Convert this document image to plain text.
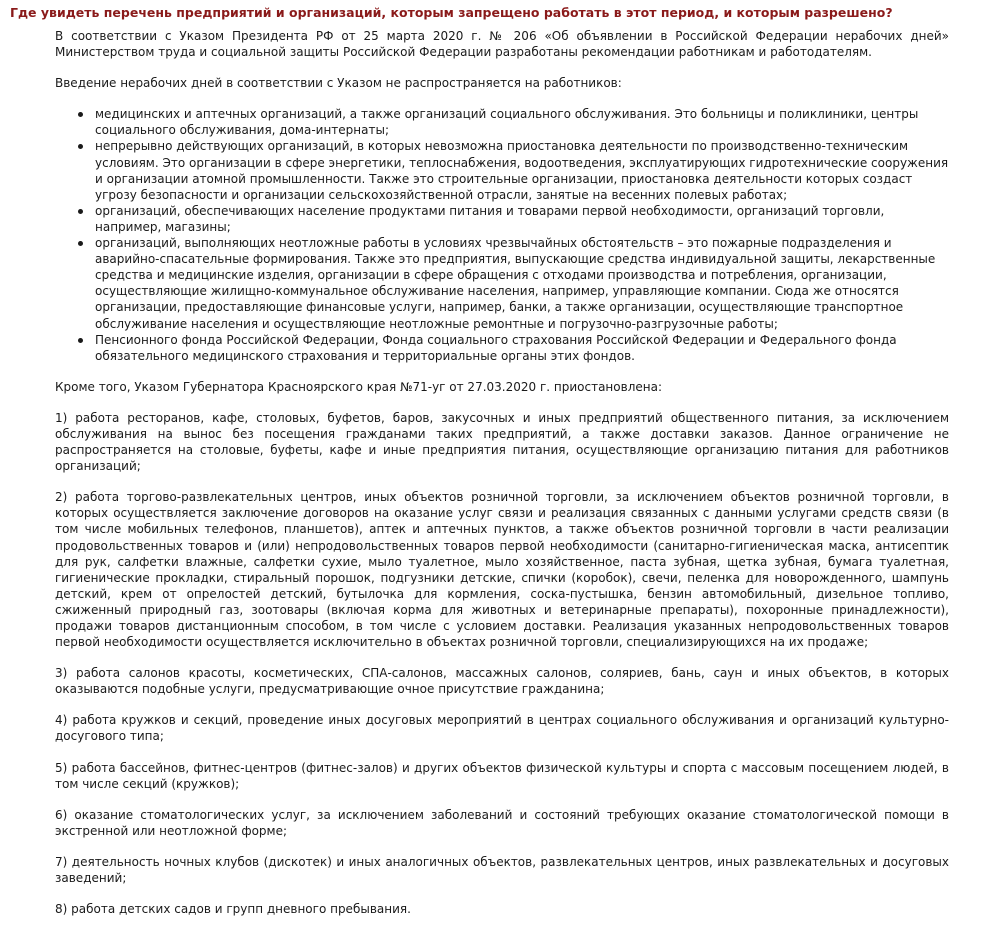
Где увидеть перечень предприятий и организаций, которым запрещено работать в этот период, и которым разрешено?

В соответствии с Указом Президента РФ от 25 марта 2020 г. № 206 «Об объявлении в Российской Федерации нерабочих дней» Министерством труда и социальной защиты Российской Федерации разработаны рекомендации работникам и работодателям.

Введение нерабочих дней в соответствии с Указом не распространяется на работников:

медицинских и аптечных организаций, а также организаций социального обслуживания. Это больницы и поликлиники, центры социального обслуживания, дома-интернаты;
непрерывно действующих организаций, в которых невозможна приостановка деятельности по производственно-техническим условиям. Это организации в сфере энергетики, теплоснабжения, водоотведения, эксплуатирующих гидротехнические сооружения и организации атомной промышленности. Также это строительные организации, приостановка деятельности которых создаст угрозу безопасности и организации сельскохозяйственной отрасли, занятые на весенних полевых работах;
организаций, обеспечивающих население продуктами питания и товарами первой необходимости, организаций торговли, например, магазины;
организаций, выполняющих неотложные работы в условиях чрезвычайных обстоятельств – это пожарные подразделения и аварийно-спасательные формирования. Также это предприятия, выпускающие средства индивидуальной защиты, лекарственные средства и медицинские изделия, организации в сфере обращения с отходами производства и потребления, организации, осуществляющие жилищно-коммунальное обслуживание населения, например, управляющие компании. Сюда же относятся организации, предоставляющие финансовые услуги, например, банки, а также организации, осуществляющие транспортное обслуживание населения и осуществляющие неотложные ремонтные и погрузочно-разгрузочные работы;
Пенсионного фонда Российской Федерации, Фонда социального страхования Российской Федерации и Федерального фонда обязательного медицинского страхования и территориальные органы этих фондов.

Кроме того, Указом Губернатора Красноярского края №71-уг от 27.03.2020 г. приостановлена:

1) работа ресторанов, кафе, столовых, буфетов, баров, закусочных и иных предприятий общественного питания, за исключением обслуживания на вынос без посещения гражданами таких предприятий, а также доставки заказов. Данное ограничение не распространяется на столовые, буфеты, кафе и иные предприятия питания, осуществляющие организацию питания для работников организаций;

2) работа торгово-развлекательных центров, иных объектов розничной торговли, за исключением объектов розничной торговли, в которых осуществляется заключение договоров на оказание услуг связи и реализация связанных с данными услугами средств связи (в том числе мобильных телефонов, планшетов), аптек и аптечных пунктов, а также объектов розничной торговли в части реализации продовольственных товаров и (или) непродовольственных товаров первой необходимости (санитарно-гигиеническая маска, антисептик для рук, салфетки влажные, салфетки сухие, мыло туалетное, мыло хозяйственное, паста зубная, щетка зубная, бумага туалетная, гигиенические прокладки, стиральный порошок, подгузники детские, спички (коробок), свечи, пеленка для новорожденного, шампунь детский, крем от опрелостей детский, бутылочка для кормления, соска-пустышка, бензин автомобильный, дизельное топливо, сжиженный природный газ, зоотовары (включая корма для животных и ветеринарные препараты), похоронные принадлежности), продажи товаров дистанционным способом, в том числе с условием доставки. Реализация указанных непродовольственных товаров первой необходимости осуществляется исключительно в объектах розничной торговли, специализирующихся на их продаже;

3) работа салонов красоты, косметических, СПА-салонов, массажных салонов, соляриев, бань, саун и иных объектов, в которых оказываются подобные услуги, предусматривающие очное присутствие гражданина;

4) работа кружков и секций, проведение иных досуговых мероприятий в центрах социального обслуживания и организаций культурно-досугового типа;

5) работа бассейнов, фитнес-центров (фитнес-залов) и других объектов физической культуры и спорта с массовым посещением людей, в том числе секций (кружков);

6) оказание стоматологических услуг, за исключением заболеваний и состояний требующих оказание стоматологической помощи в экстренной или неотложной форме;

7) деятельность ночных клубов (дискотек) и иных аналогичных объектов, развлекательных центров, иных развлекательных и досуговых заведений;

8) работа детских садов и групп дневного пребывания.
